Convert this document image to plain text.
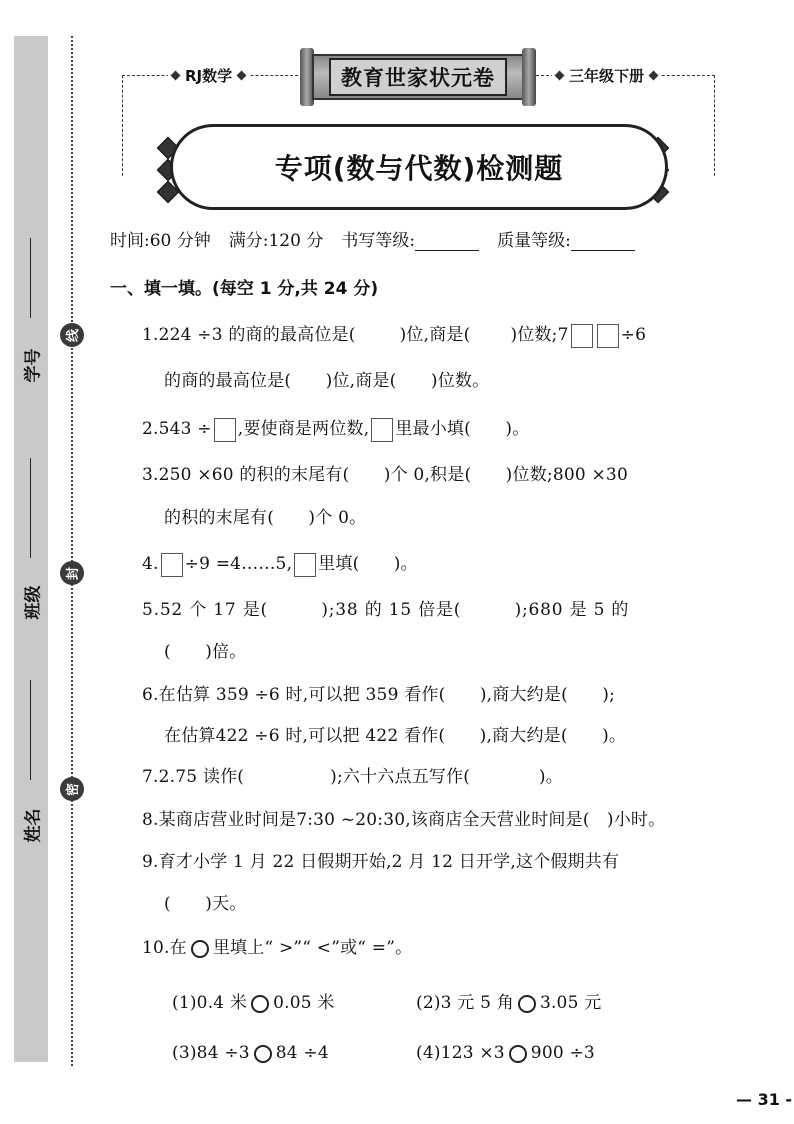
学号
班级
姓名
线
封
密
RJ数学	三年级下册
教育世家状元卷
专项(数与代数)检测题
时间:60 分钟 满分:120 分 书写等级:	质量等级:
一、填一填。(每空 1 分,共 24 分)
1.224 ÷3 的商的最高位是(	)位,商是( )位数;7	÷6
的商的最高位是(　　)位,商是(　　)位数。
2.543 ÷ ,要使商是两位数, 里最小填(　　)。
3.250 ×60 的积的末尾有(　　)个 0,积是(　　)位数;800 ×30
的积的末尾有(　　)个 0。
4. ÷9 =4……5, 里填(　　)。
5.52 个 17 是(　　　);38 的 15 倍是(　　　);680 是 5 的
(　　)倍。
6.在估算 359 ÷6 时,可以把 359 看作(　　),商大约是(　　);
在估算422 ÷6 时,可以把 422 看作(　　),商大约是(　　)。
7.2.75 读作(　　　　　);六十六点五写作(　　　　)。
8.某商店营业时间是7:30 ~20:30,该商店全天营业时间是(　)小时。
9.育才小学 1 月 22 日假期开始,2 月 12 日开学,这个假期共有
(　　)天。
10.在 里填上“ >”“ <”或“ =”。
(1)0.4 米 0.05 米	(2)3 元 5 角 3.05 元
(3)84 ÷3 84 ÷4	(4)123 ×3 900 ÷3
— 31 -
